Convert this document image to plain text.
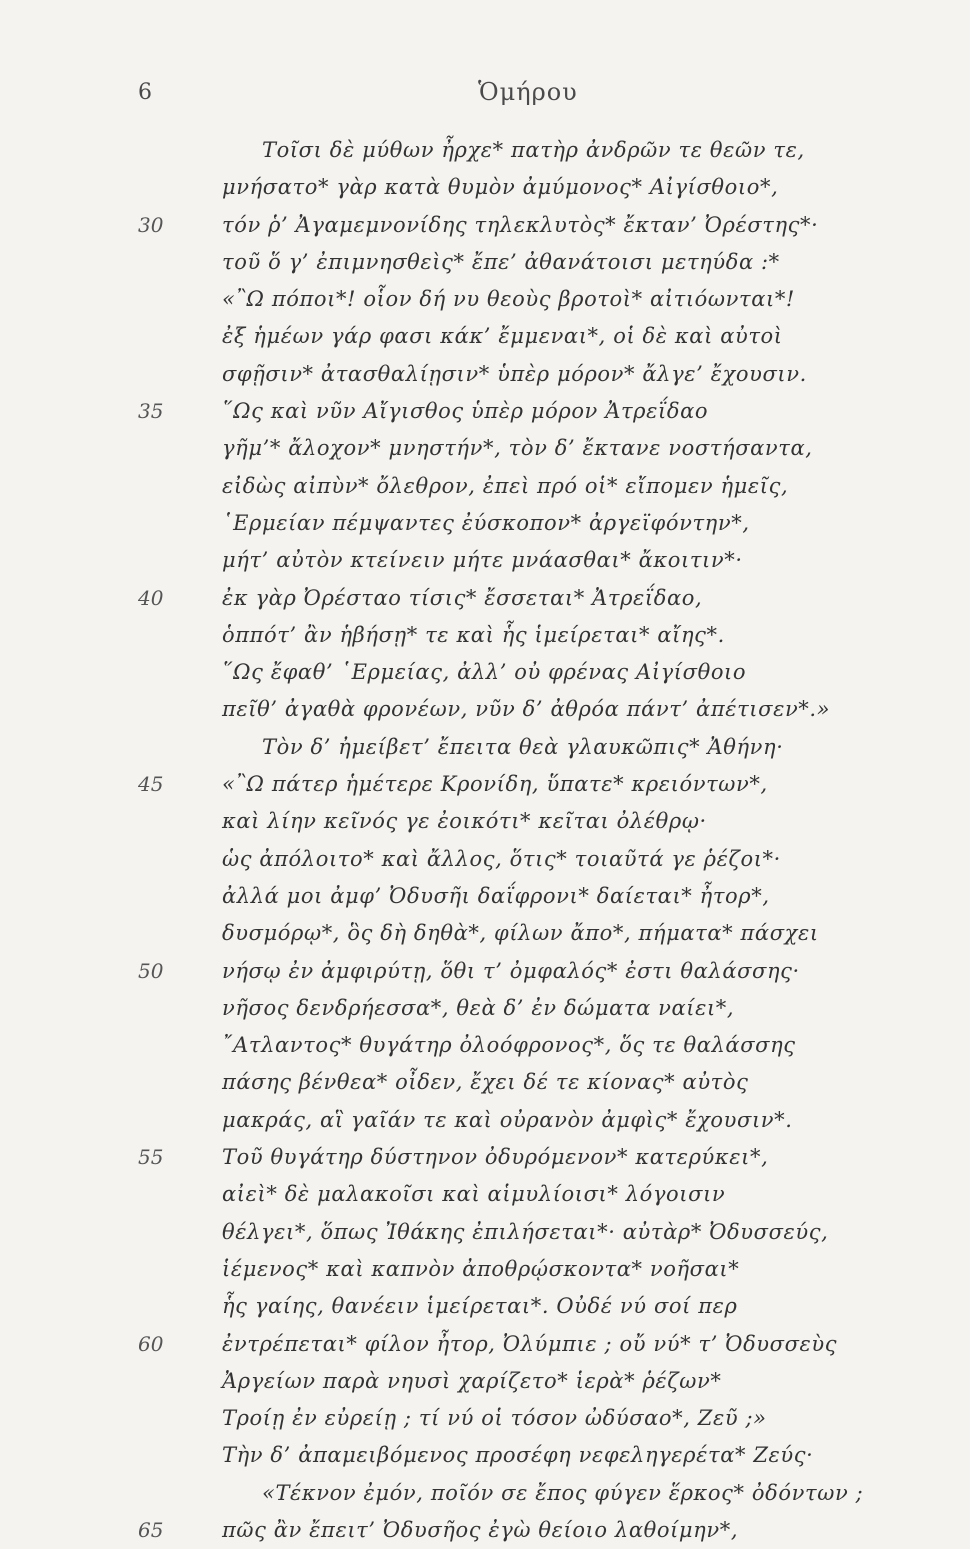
6	Ὁμήρου
Τοῖσι δὲ μύθων ἦρχε* πατὴρ ἀνδρῶν τε θεῶν τε,
μνήσατο* γὰρ κατὰ θυμὸν ἀμύμονος* Αἰγίσθοιο*,
30	τόν ῥ’ Ἀγαμεμνονίδης τηλεκλυτὸς* ἔκταν’ Ὀρέστης*·
τοῦ ὅ γ’ ἐπιμνησθεὶς* ἔπε’ ἀθανάτοισι μετηύδα :*
«῍Ω πόποι*! οἷον δή νυ θεοὺς βροτοὶ* αἰτιόωνται*!
ἐξ ἡμέων γάρ φασι κάκ’ ἔμμεναι*, οἱ δὲ καὶ αὐτοὶ
σφῇσιν* ἀτασθαλίῃσιν* ὑπὲρ μόρον* ἄλγε’ ἔχουσιν.
35	῞Ως καὶ νῦν Αἴγισθος ὑπὲρ μόρον Ἀτρεΐδαο
γῆμ’* ἄλοχον* μνηστήν*, τὸν δ’ ἔκτανε νοστήσαντα,
εἰδὼς αἰπὺν* ὄλεθρον, ἐπεὶ πρό οἱ* εἴπομεν ἡμεῖς,
῾Ερμείαν πέμψαντες ἐύσκοπον* ἀργεϊφόντην*,
μήτ’ αὐτὸν κτείνειν μήτε μνάασθαι* ἄκοιτιν*·
40	ἐκ γὰρ Ὀρέσταο τίσις* ἔσσεται* Ἀτρεΐδαο,
ὁππότ’ ἂν ἡβήσῃ* τε καὶ ἧς ἱμείρεται* αἴης*.
῞Ως ἔφαθ’ ῾Ερμείας, ἀλλ’ οὐ φρένας Αἰγίσθοιο
πεῖθ’ ἀγαθὰ φρονέων, νῦν δ’ ἀθρόα πάντ’ ἀπέτισεν*.»
Τὸν δ’ ἠμείβετ’ ἔπειτα θεὰ γλαυκῶπις* Ἀθήνη·
45	«῍Ω πάτερ ἡμέτερε Κρονίδη, ὕπατε* κρειόντων*,
καὶ λίην κεῖνός γε ἐοικότι* κεῖται ὀλέθρῳ·
ὡς ἀπόλοιτο* καὶ ἄλλος, ὅτις* τοιαῦτά γε ῥέζοι*·
ἀλλά μοι ἀμφ’ Ὀδυσῆι δαΐφρονι* δαίεται* ἦτορ*,
δυσμόρῳ*, ὃς δὴ δηθὰ*, φίλων ἄπο*, πήματα* πάσχει
50	νήσῳ ἐν ἀμφιρύτῃ, ὅθι τ’ ὀμφαλός* ἐστι θαλάσσης·
νῆσος δενδρήεσσα*, θεὰ δ’ ἐν δώματα ναίει*,
῎Ατλαντος* θυγάτηρ ὀλοόφρονος*, ὅς τε θαλάσσης
πάσης βένθεα* οἶδεν, ἔχει δέ τε κίονας* αὐτὸς
μακράς, αἳ γαῖάν τε καὶ οὐρανὸν ἀμφὶς* ἔχουσιν*.
55	Τοῦ θυγάτηρ δύστηνον ὀδυρόμενον* κατερύκει*,
αἰεὶ* δὲ μαλακοῖσι καὶ αἱμυλίοισι* λόγοισιν
θέλγει*, ὅπως Ἰθάκης ἐπιλήσεται*· αὐτὰρ* Ὀδυσσεύς,
ἱέμενος* καὶ καπνὸν ἀποθρῴσκοντα* νοῆσαι*
ἧς γαίης, θανέειν ἱμείρεται*. Οὐδέ νύ σοί περ
60	ἐντρέπεται* φίλον ἦτορ, Ὀλύμπιε ; οὔ νύ* τ’ Ὀδυσσεὺς
Ἀργείων παρὰ νηυσὶ χαρίζετο* ἱερὰ* ῥέζων*
Τροίῃ ἐν εὐρείῃ ; τί νύ οἱ τόσον ὠδύσαο*, Ζεῦ ;»
Τὴν δ’ ἀπαμειβόμενος προσέφη νεφεληγερέτα* Ζεύς·
«Τέκνον ἐμόν, ποῖόν σε ἔπος φύγεν ἕρκος* ὀδόντων ;
65	πῶς ἂν ἔπειτ’ Ὀδυσῆος ἐγὼ θείοιο λαθοίμην*,
